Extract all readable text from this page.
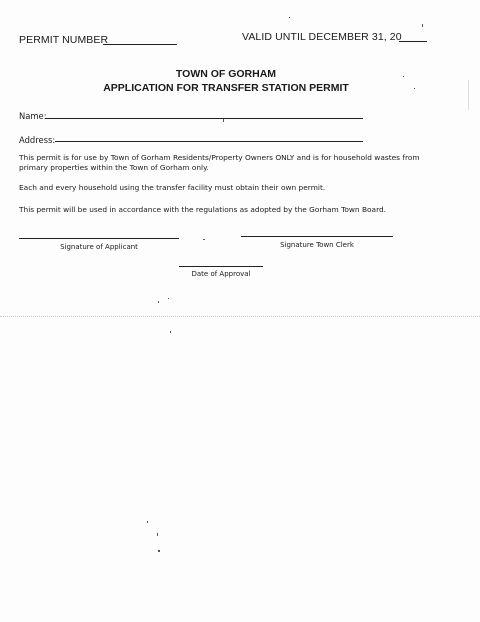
PERMIT NUMBER	VALID UNTIL DECEMBER 31, 20
TOWN OF GORHAM
APPLICATION FOR TRANSFER STATION PERMIT
Name:
Address:
This permit is for use by Town of Gorham Residents/Property Owners ONLY and is for household wastes from primary properties within the Town of Gorham only.
Each and every household using the transfer facility must obtain their own permit.
This permit will be used in accordance with the regulations as adopted by the Gorham Town Board.
Signature of Applicant	Signature Town Clerk
Date of Approval
